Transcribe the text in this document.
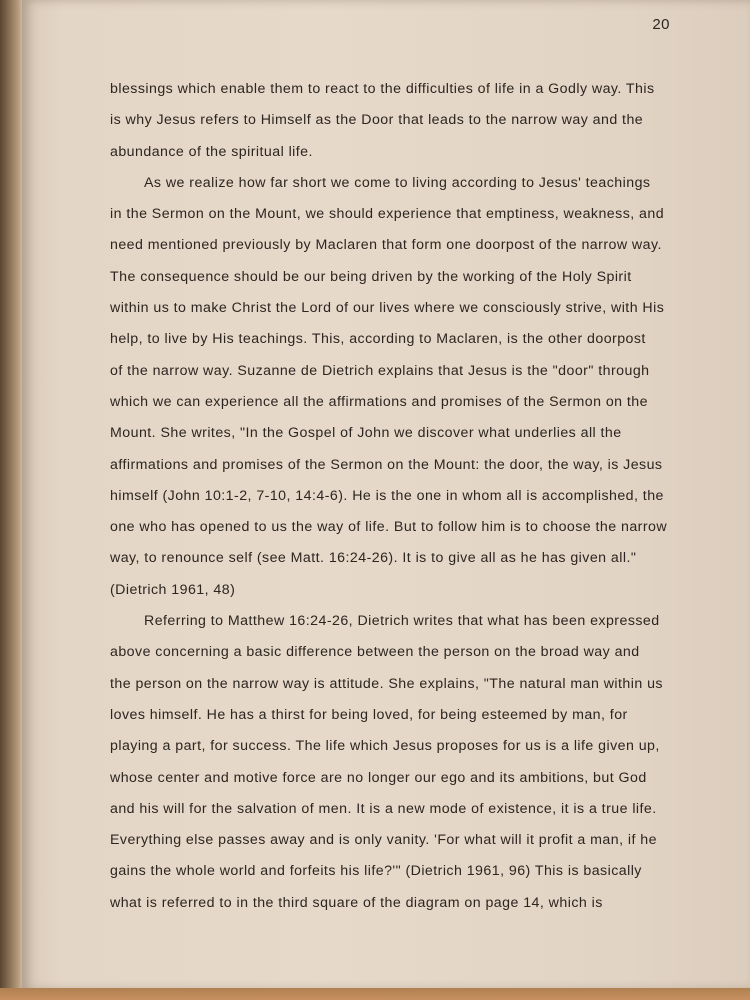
20
blessings which enable them to react to the difficulties of life in a Godly way. This
is why Jesus refers to Himself as the Door that leads to the narrow way and the
abundance of the spiritual life.
As we realize how far short we come to living according to Jesus' teachings
in the Sermon on the Mount, we should experience that emptiness, weakness, and
need mentioned previously by Maclaren that form one doorpost of the narrow way.
The consequence should be our being driven by the working of the Holy Spirit
within us to make Christ the Lord of our lives where we consciously strive, with His
help, to live by His teachings. This, according to Maclaren, is the other doorpost
of the narrow way. Suzanne de Dietrich explains that Jesus is the "door" through
which we can experience all the affirmations and promises of the Sermon on the
Mount. She writes, "In the Gospel of John we discover what underlies all the
affirmations and promises of the Sermon on the Mount: the door, the way, is Jesus
himself (John 10:1-2, 7-10, 14:4-6). He is the one in whom all is accomplished, the
one who has opened to us the way of life. But to follow him is to choose the narrow
way, to renounce self (see Matt. 16:24-26). It is to give all as he has given all."
(Dietrich 1961, 48)
Referring to Matthew 16:24-26, Dietrich writes that what has been expressed
above concerning a basic difference between the person on the broad way and
the person on the narrow way is attitude. She explains, "The natural man within us
loves himself. He has a thirst for being loved, for being esteemed by man, for
playing a part, for success. The life which Jesus proposes for us is a life given up,
whose center and motive force are no longer our ego and its ambitions, but God
and his will for the salvation of men. It is a new mode of existence, it is a true life.
Everything else passes away and is only vanity. 'For what will it profit a man, if he
gains the whole world and forfeits his life?'" (Dietrich 1961, 96) This is basically
what is referred to in the third square of the diagram on page 14, which is
